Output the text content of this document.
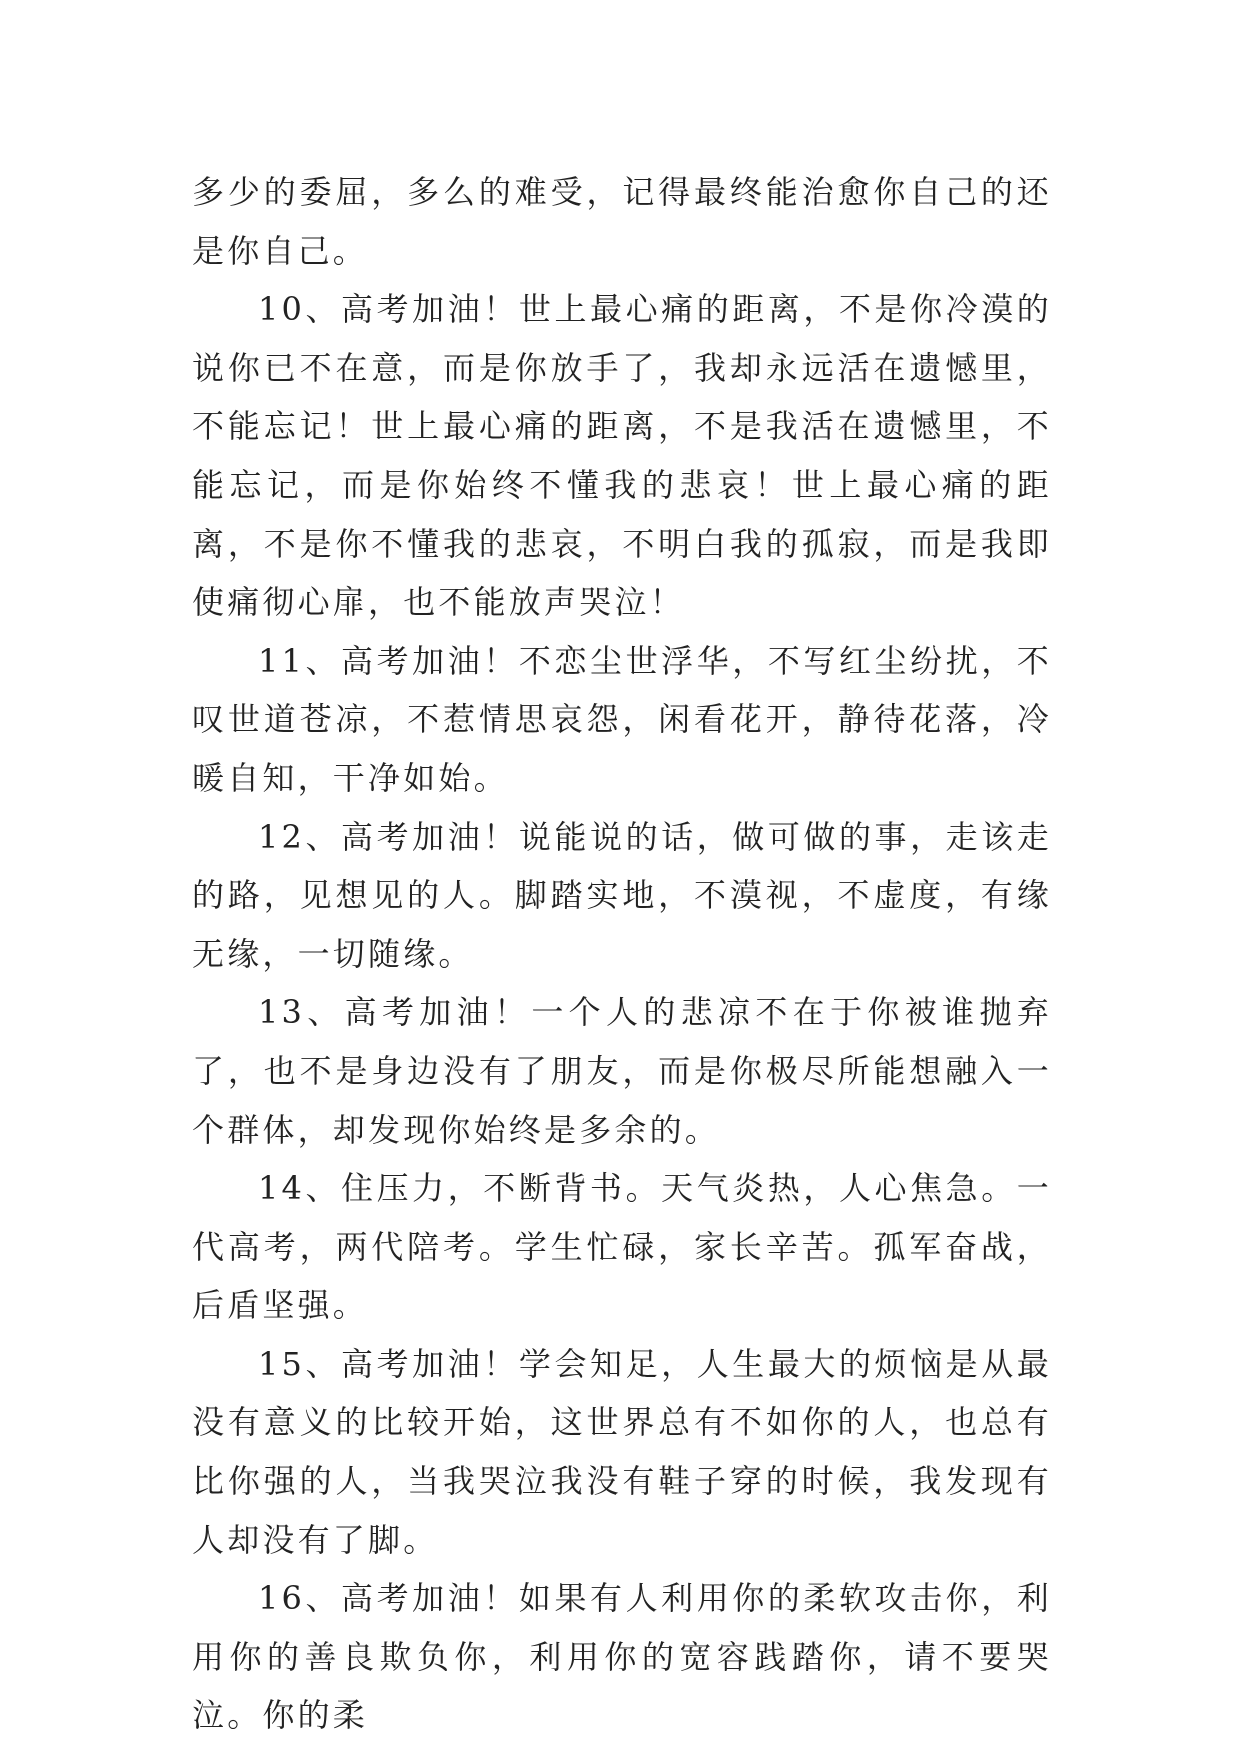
多少的委屈，多么的难受，记得最终能治愈你自己的还是你自己。

10、高考加油！世上最心痛的距离，不是你冷漠的说你已不在意，而是你放手了，我却永远活在遗憾里，不能忘记！世上最心痛的距离，不是我活在遗憾里，不能忘记，而是你始终不懂我的悲哀！世上最心痛的距离，不是你不懂我的悲哀，不明白我的孤寂，而是我即使痛彻心扉，也不能放声哭泣！

11、高考加油！不恋尘世浮华，不写红尘纷扰，不叹世道苍凉，不惹情思哀怨，闲看花开，静待花落，冷暖自知，干净如始。

12、高考加油！说能说的话，做可做的事，走该走的路，见想见的人。脚踏实地，不漠视，不虚度，有缘无缘，一切随缘。

13、高考加油！一个人的悲凉不在于你被谁抛弃了，也不是身边没有了朋友，而是你极尽所能想融入一个群体，却发现你始终是多余的。

14、住压力，不断背书。天气炎热，人心焦急。一代高考，两代陪考。学生忙碌，家长辛苦。孤军奋战，后盾坚强。

15、高考加油！学会知足，人生最大的烦恼是从最没有意义的比较开始，这世界总有不如你的人，也总有比你强的人，当我哭泣我没有鞋子穿的时候，我发现有人却没有了脚。

16、高考加油！如果有人利用你的柔软攻击你，利用你的善良欺负你，利用你的宽容践踏你，请不要哭泣。你的柔
